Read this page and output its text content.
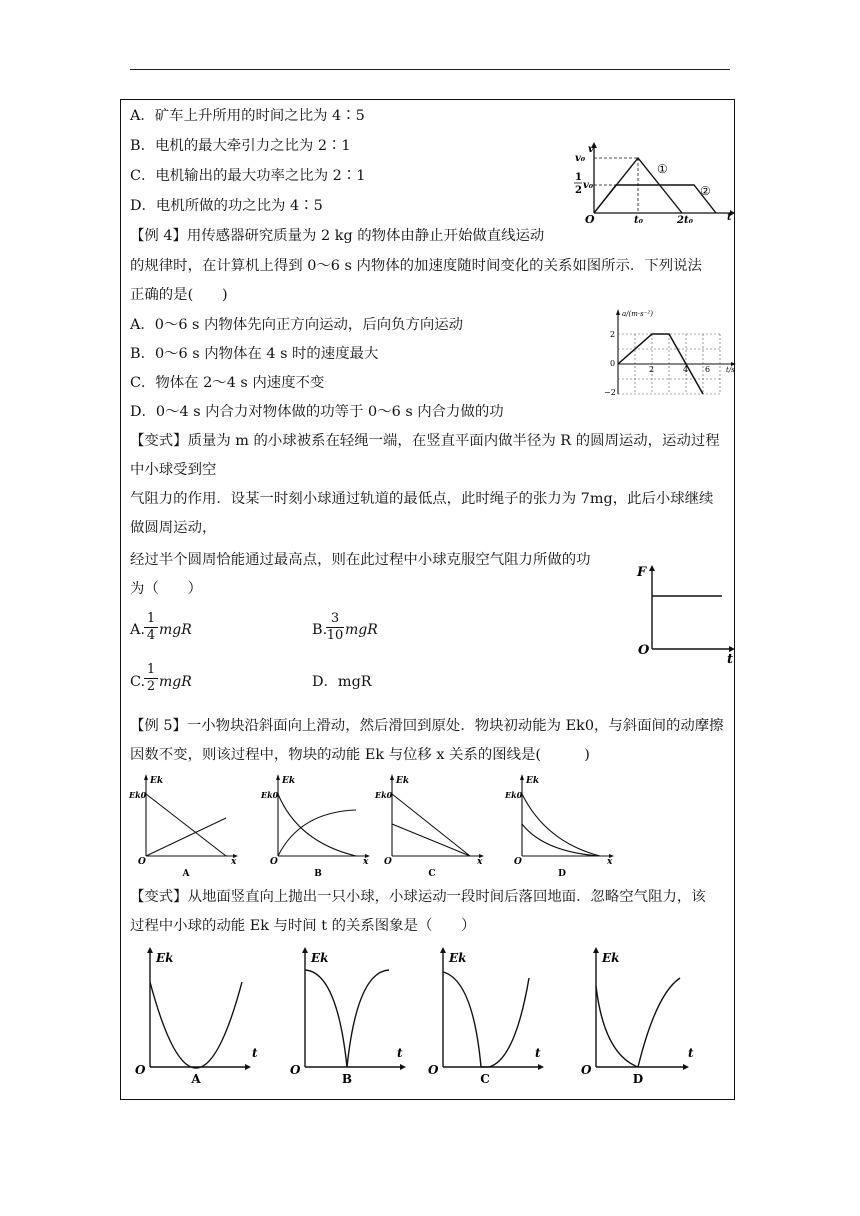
A．矿车上升所用的时间之比为 4∶5
B．电机的最大牵引力之比为 2∶1
C．电机输出的最大功率之比为 2∶1
D．电机所做的功之比为 4∶5
v
v₀
1
2 v₀
O	t₀	2t₀	t
①
②
【例 4】用传感器研究质量为 2 kg 的物体由静止开始做直线运动
的规律时，在计算机上得到 0～6 s 内物体的加速度随时间变化的关系如图所示．下列说法
正确的是(　　)
A．0～6 s 内物体先向正方向运动，后向负方向运动
B．0～6 s 内物体在 4 s 时的速度最大
C．物体在 2～4 s 内速度不变
D．0～4 s 内合力对物体做的功等于 0～6 s 内合力做的功
a/(m·s⁻²)
2
0
−2
2	4 6 t/s
【变式】质量为 m 的小球被系在轻绳一端，在竖直平面内做半径为 R 的圆周运动，运动过程
中小球受到空
气阻力的作用．设某一时刻小球通过轨道的最低点，此时绳子的张力为 7mg，此后小球继续
做圆周运动，
经过半个圆周恰能通过最高点，则在此过程中小球克服空气阻力所做的功
为（　　）
A.
1
4 mgR	B.
3
10 mgR
C.
1
2 mgR	D．mgR
F
O
t
【例 5】一小物块沿斜面向上滑动，然后滑回到原处．物块初动能为 Ek0，与斜面间的动摩擦
因数不变，则该过程中，物块的动能 Ek 与位移 x 关系的图线是(　　　)
Ek
Ek0
O	x
A
Ek
Ek0
O	x
B
Ek
Ek0
O	x
C
Ek
Ek0
O	x
D
【变式】从地面竖直向上抛出一只小球，小球运动一段时间后落回地面．忽略空气阻力，该
过程中小球的动能 Ek 与时间 t 的关系图象是（　　）
Ek
O
t
A
Ek
O
t
B
Ek
O
t
C
Ek
O
t
D
